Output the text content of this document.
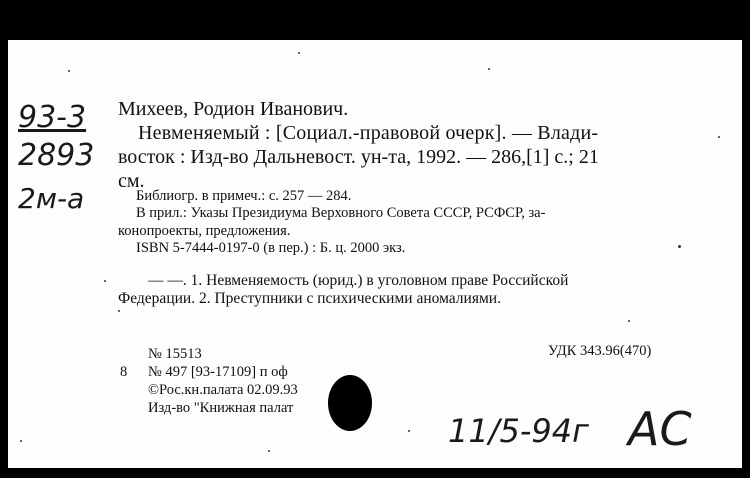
93-3
2893
2м-а
Михеев, Родион Иванович.
Невменяемый : [Социал.-правовой очерк]. — Влади-
восток : Изд-во Дальневост. ун-та, 1992. — 286,[1] с.; 21
см.
Библиогр. в примеч.: с. 257 — 284.
В прил.: Указы Президиума Верховного Совета СССР, РСФСР, за-
конопроекты, предложения.
ISBN 5-7444-0197-0 (в пер.) : Б. ц. 2000 экз.
— —. 1. Невменяемость (юрид.) в уголовном праве Российской
Федерации. 2. Преступники с психическими аномалиями.
№ 15513	УДК 343.96(470)
8 № 497 [93-17109] п оф
©Рос.кн.палата 02.09.93
Изд-во "Книжная палат
11/5-94г АС
